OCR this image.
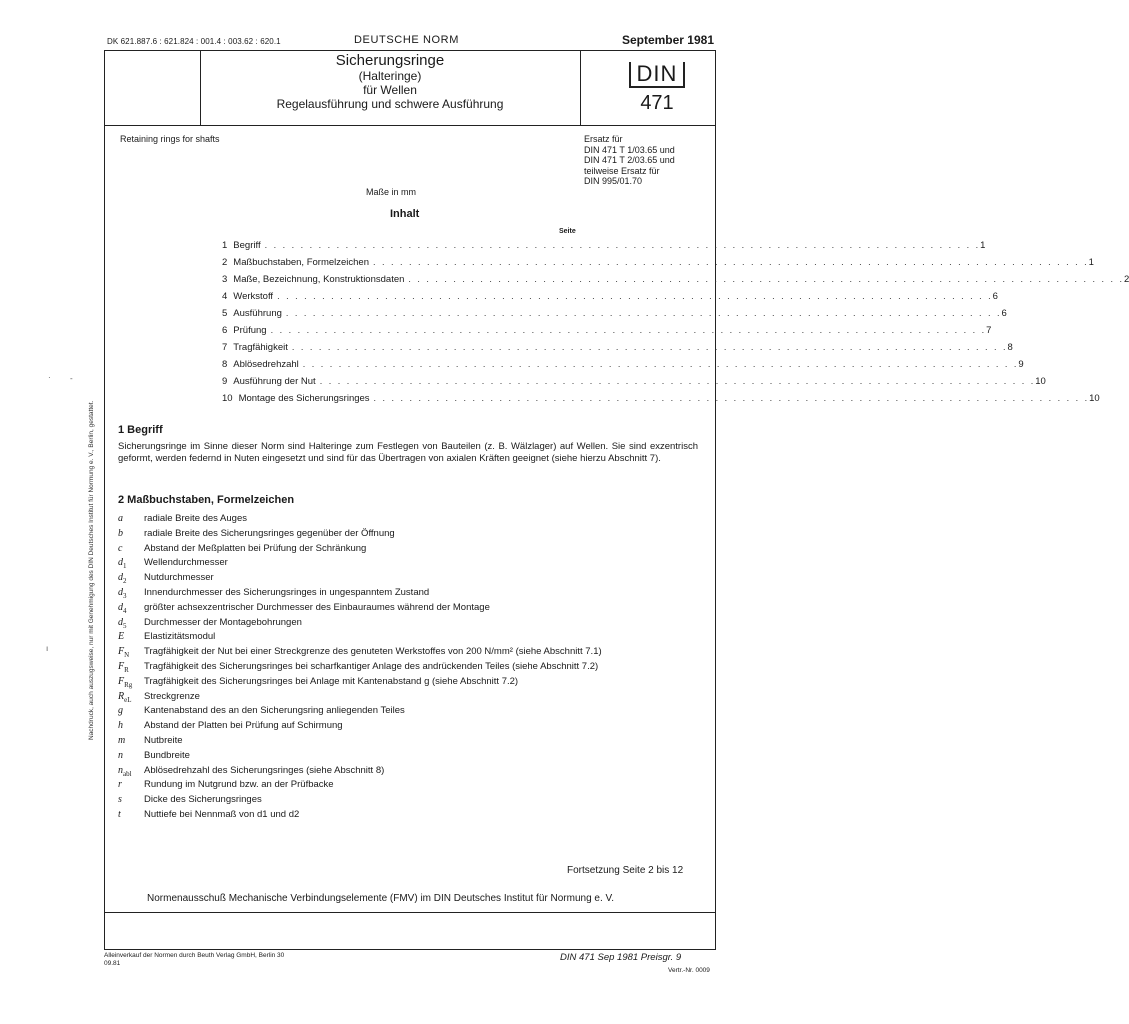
DK 621.887.6 : 621.824 : 001.4 : 003.62 : 620.1	DEUTSCHE NORM	September 1981
Sicherungsringe
(Halteringe)
für Wellen
Regelausführung und schwere Ausführung
DIN
471
Retaining rings for shafts	Ersatz für
DIN 471 T 1/03.65 und
DIN 471 T 2/03.65 und
teilweise Ersatz für
DIN 995/01.70
Maße in mm
Inhalt
Seite
1 Begriff . . . . . . . . . . . . . . . . . . . . . . . . . . . . . . . . . . . . . . . . . . . . . . . . . . . . . . . . . . . . . . . . . . . . . . . . . . . . . . . . 1
2 Maßbuchstaben, Formelzeichen . . . . . . . . . . . . . . . . . . . . . . . . . . . . . . . . . . . . . . . . . . . . . . . . . . . . . . . . . . . . . . . . . . . . . . . . . . . . . . . . 1
3 Maße, Bezeichnung, Konstruktionsdaten . . . . . . . . . . . . . . . . . . . . . . . . . . . . . . . . . . . . . . . . . . . . . . . . . . . . . . . . . . . . . . . . . . . . . . . . . . . . . . . . 2
4 Werkstoff . . . . . . . . . . . . . . . . . . . . . . . . . . . . . . . . . . . . . . . . . . . . . . . . . . . . . . . . . . . . . . . . . . . . . . . . . . . . . . . . 6
5 Ausführung . . . . . . . . . . . . . . . . . . . . . . . . . . . . . . . . . . . . . . . . . . . . . . . . . . . . . . . . . . . . . . . . . . . . . . . . . . . . . . . . 6
6 Prüfung . . . . . . . . . . . . . . . . . . . . . . . . . . . . . . . . . . . . . . . . . . . . . . . . . . . . . . . . . . . . . . . . . . . . . . . . . . . . . . . . 7
7 Tragfähigkeit . . . . . . . . . . . . . . . . . . . . . . . . . . . . . . . . . . . . . . . . . . . . . . . . . . . . . . . . . . . . . . . . . . . . . . . . . . . . . . . . 8
8 Ablösedrehzahl . . . . . . . . . . . . . . . . . . . . . . . . . . . . . . . . . . . . . . . . . . . . . . . . . . . . . . . . . . . . . . . . . . . . . . . . . . . . . . . . 9
9 Ausführung der Nut . . . . . . . . . . . . . . . . . . . . . . . . . . . . . . . . . . . . . . . . . . . . . . . . . . . . . . . . . . . . . . . . . . . . . . . . . . . . . . . . 10
10 Montage des Sicherungsringes . . . . . . . . . . . . . . . . . . . . . . . . . . . . . . . . . . . . . . . . . . . . . . . . . . . . . . . . . . . . . . . . . . . . . . . . . . . . . . . . 10
1 Begriff
Sicherungsringe im Sinne dieser Norm sind Halteringe zum Festlegen von Bauteilen (z. B. Wälzlager) auf Wellen. Sie sind exzentrisch geformt, werden federnd in Nuten eingesetzt und sind für das Übertragen von axialen Kräften geeignet (siehe hierzu Abschnitt 7).
2 Maßbuchstaben, Formelzeichen
a	radiale Breite des Auges
b	radiale Breite des Sicherungsringes gegenüber der Öffnung
c	Abstand der Meßplatten bei Prüfung der Schränkung
$d_1$	Wellendurchmesser
$d_2$	Nutdurchmesser
$d_3$	Innendurchmesser des Sicherungsringes in ungespanntem Zustand
$d_4$	größter achsexzentrischer Durchmesser des Einbauraumes während der Montage
$d_5$	Durchmesser der Montagebohrungen
E	Elastizitätsmodul
$F_N$	Tragfähigkeit der Nut bei einer Streckgrenze des genuteten Werkstoffes von 200 N/mm² (siehe Abschnitt 7.1)
$F_R$	Tragfähigkeit des Sicherungsringes bei scharfkantiger Anlage des andrückenden Teiles (siehe Abschnitt 7.2)
$F_{Rg}$	Tragfähigkeit des Sicherungsringes bei Anlage mit Kantenabstand g (siehe Abschnitt 7.2)
$R_{eL}$	Streckgrenze
g	Kantenabstand des an den Sicherungsring anliegenden Teiles
h	Abstand der Platten bei Prüfung auf Schirmung
m	Nutbreite
n	Bundbreite
$n_{abl}$	Ablösedrehzahl des Sicherungsringes (siehe Abschnitt 8)
r	Rundung im Nutgrund bzw. an der Prüfbacke
s	Dicke des Sicherungsringes
t	Nuttiefe bei Nennmaß von d1 und d2
Nachdruck, auch auszugsweise, nur mit Genehmigung des DIN Deutsches Institut für Normung e. V., Berlin, gestattet.
· -
ı
Fortsetzung Seite 2 bis 12
Normenausschuß Mechanische Verbindungselemente (FMV) im DIN Deutsches Institut für Normung e. V.
Alleinverkauf der Normen durch Beuth Verlag GmbH, Berlin 30
09.81
DIN 471 Sep 1981 Preisgr. 9
Vertr.-Nr. 0009
